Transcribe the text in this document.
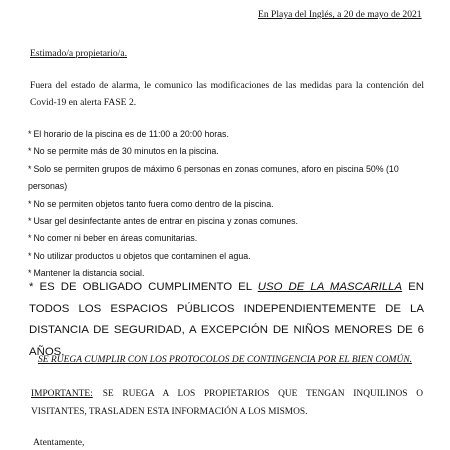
En Playa del Inglés, a 20 de mayo de 2021
Estimado/a propietario/a.
Fuera del estado de alarma, le comunico las modificaciones de las medidas para la contención del Covid-19 en alerta FASE 2.
* El horario de la piscina es de 11:00 a 20:00 horas.
* No se permite más de 30 minutos en la piscina.
* Solo se permiten grupos de máximo 6 personas en zonas comunes, aforo en piscina 50% (10
personas)
* No se permiten objetos tanto fuera como dentro de la piscina.
* Usar gel desinfectante antes de entrar en piscina y zonas comunes.
* No comer ni beber en áreas comunitarias.
* No utilizar productos u objetos que contaminen el agua.
* Mantener la distancia social.
* ES DE OBLIGADO CUMPLIMENTO EL USO DE LA MASCARILLA EN TODOS LOS ESPACIOS PÚBLICOS INDEPENDIENTEMENTE DE LA DISTANCIA DE SEGURIDAD, A EXCEPCIÓN DE NIÑOS MENORES DE 6 AÑOS.
SE RUEGA CUMPLIR CON LOS PROTOCOLOS DE CONTINGENCIA POR EL BIEN COMÚN.
IMPORTANTE: SE RUEGA A LOS PROPIETARIOS QUE TENGAN INQUILINOS O VISITANTES, TRASLADEN ESTA INFORMACIÓN A LOS MISMOS.
Atentamente,
